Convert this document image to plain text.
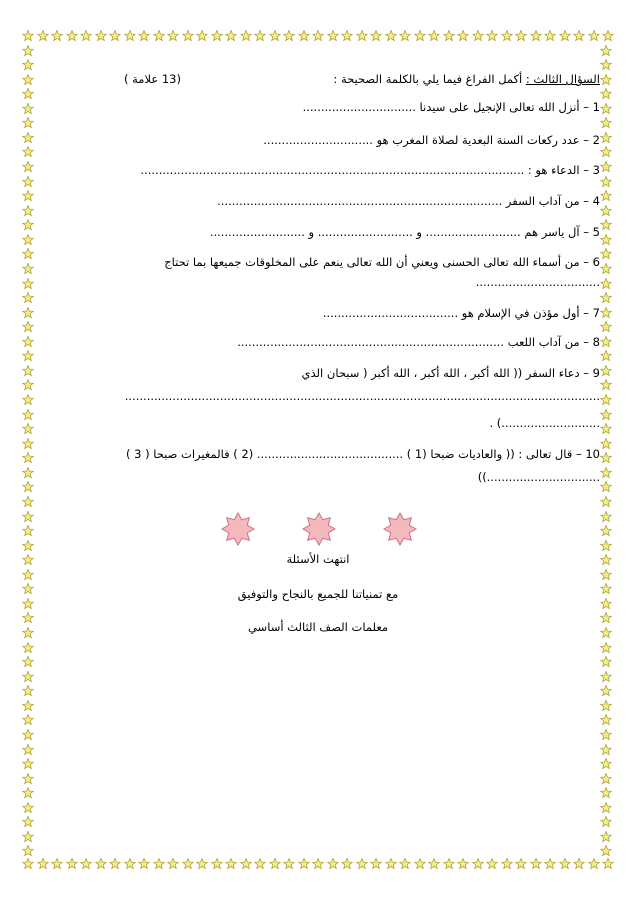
السؤال الثالث : أكمل الفراغ فيما يلي بالكلمة الصحيحة :
(13 علامة )
1 – أنزل الله تعالى الإنجيل على سيدنا ...............................
2 – عدد ركعات السنة البعدية لصلاة المغرب هو ..............................
3 – الدعاء هو : .........................................................................................................
4 – من آداب السفر ..............................................................................
5 – آل ياسر هم .......................... و .......................... و ..........................
6 – من أسماء الله تعالى الحسنى ويعني أن الله تعالى ينعم على المخلوقات جميعها بما تحتاج
..................................
7 – أول مؤذن في الإسلام هو .....................................
8 – من آداب اللعب .........................................................................
9 – دعاء السفر (( الله أكبر ، الله أكبر ، الله أكبر ( سبحان الذي
..................................................................................................................................
...........................) .
10 – قال تعالى : (( والعاديات ضبحا (1 ) ........................................ (2 ) فالمغيرات صبحا ( 3 )
...............................))
انتهت الأسئلة
مع تمنياتنا للجميع بالنجاح والتوفيق
معلمات الصف الثالث أساسي
